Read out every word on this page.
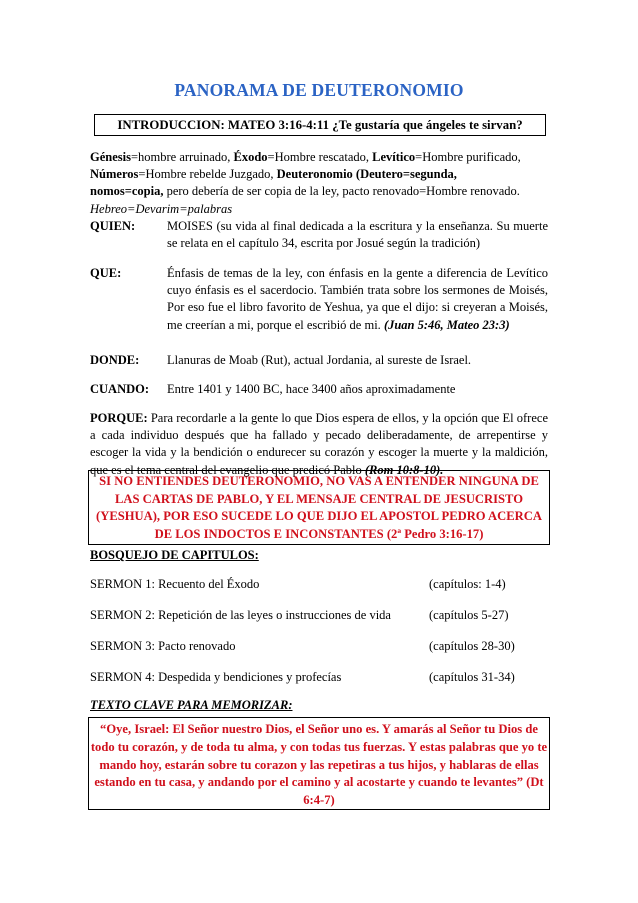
PANORAMA DE DEUTERONOMIO
INTRODUCCION: MATEO 3:16-4:11 ¿Te gustaría que ángeles te sirvan?
Génesis=hombre arruinado, Éxodo=Hombre rescatado, Levítico=Hombre purificado,
Números=Hombre rebelde Juzgado, Deuteronomio (Deutero=segunda,
nomos=copia, pero debería de ser copia de la ley, pacto renovado=Hombre renovado.
Hebreo=Devarim=palabras
QUIEN:	MOISES (su vida al final dedicada a la escritura y la enseñanza. Su muerte se relata en el capítulo 34, escrita por Josué según la tradición)
QUE:	Énfasis de temas de la ley, con énfasis en la gente a diferencia de Levítico cuyo énfasis es el sacerdocio. También trata sobre los sermones de Moisés, Por eso fue el libro favorito de Yeshua, ya que el dijo: si creyeran a Moisés, me creerían a mi, porque el escribió de mi. (Juan 5:46, Mateo 23:3)
DONDE: Llanuras de Moab (Rut), actual Jordania, al sureste de Israel.
CUANDO: Entre 1401 y 1400 BC, hace 3400 años aproximadamente
PORQUE: Para recordarle a la gente lo que Dios espera de ellos, y la opción que El ofrece a cada individuo después que ha fallado y pecado deliberadamente, de arrepentirse y escoger la vida y la bendición o endurecer su corazón y escoger la muerte y la maldición, que es el tema central del evangelio que predicó Pablo (Rom 10:8-10).
SI NO ENTIENDES DEUTERONOMIO, NO VAS A ENTENDER NINGUNA DE LAS CARTAS DE PABLO, Y EL MENSAJE CENTRAL DE JESUCRISTO (YESHUA), POR ESO SUCEDE LO QUE DIJO EL APOSTOL PEDRO ACERCA DE LOS INDOCTOS E INCONSTANTES (2ª Pedro 3:16-17)
BOSQUEJO DE CAPITULOS:
SERMON 1: Recuento del Éxodo	(capítulos: 1-4)
SERMON 2: Repetición de las leyes o instrucciones de vida	(capítulos 5-27)
SERMON 3: Pacto renovado	(capítulos 28-30)
SERMON 4: Despedida y bendiciones y profecías	(capítulos 31-34)
TEXTO CLAVE PARA MEMORIZAR:
“Oye, Israel: El Señor nuestro Dios, el Señor uno es. Y amarás al Señor tu Dios de todo tu corazón, y de toda tu alma, y con todas tus fuerzas. Y estas palabras que yo te mando hoy, estarán sobre tu corazon y las repetiras a tus hijos, y hablaras de ellas estando en tu casa, y andando por el camino y al acostarte y cuando te levantes” (Dt 6:4-7)
